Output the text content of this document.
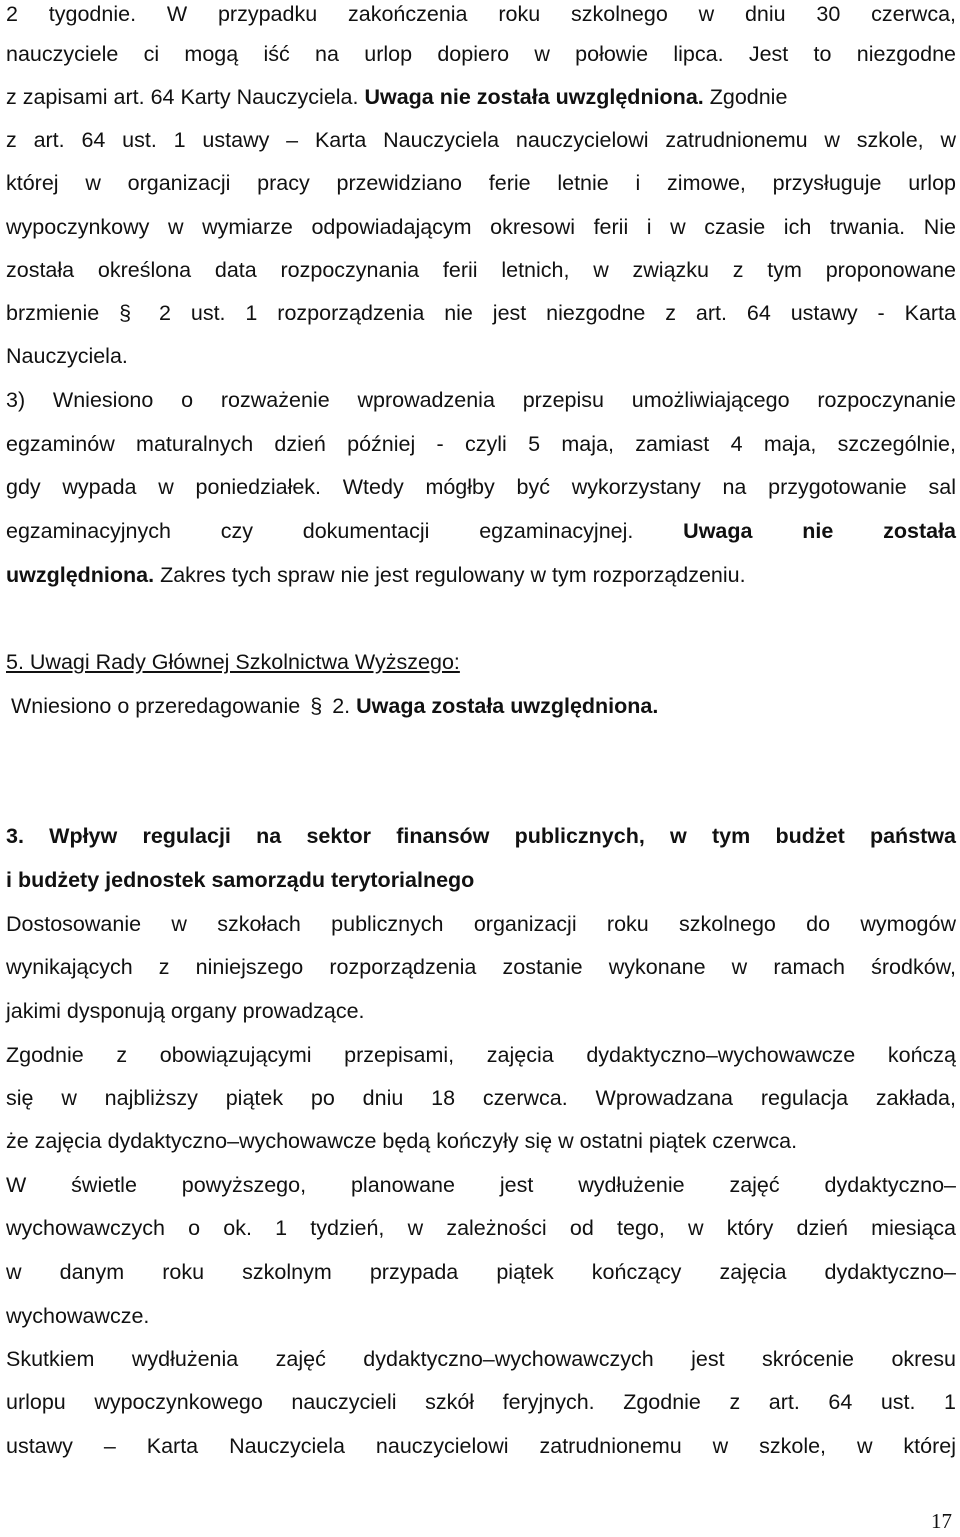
2 tygodnie. W przypadku zakończenia roku szkolnego w dniu 30 czerwca,
nauczyciele ci mogą iść na urlop dopiero w połowie lipca. Jest to niezgodne
z zapisami art. 64 Karty Nauczyciela. Uwaga nie została uwzględniona. Zgodnie
z art. 64 ust. 1 ustawy – Karta Nauczyciela nauczycielowi zatrudnionemu w szkole, w
której w organizacji pracy przewidziano ferie letnie i zimowe, przysługuje urlop
wypoczynkowy w wymiarze odpowiadającym okresowi ferii i w czasie ich trwania. Nie
została określona data rozpoczynania ferii letnich, w związku z tym proponowane
brzmienie § 2 ust. 1 rozporządzenia nie jest niezgodne z art. 64 ustawy - Karta
Nauczyciela.
3) Wniesiono o rozważenie wprowadzenia przepisu umożliwiającego rozpoczynanie
egzaminów maturalnych dzień później - czyli 5 maja, zamiast 4 maja, szczególnie,
gdy wypada w poniedziałek. Wtedy mógłby być wykorzystany na przygotowanie sal
egzaminacyjnych czy dokumentacji egzaminacyjnej. Uwaga nie została
uwzględniona. Zakres tych spraw nie jest regulowany w tym rozporządzeniu.
5. Uwagi Rady Głównej Szkolnictwa Wyższego:
Wniesiono o przeredagowanie § 2. Uwaga została uwzględniona.
3. Wpływ regulacji na sektor finansów publicznych, w tym budżet państwa
i budżety jednostek samorządu terytorialnego
Dostosowanie w szkołach publicznych organizacji roku szkolnego do wymogów
wynikających z niniejszego rozporządzenia zostanie wykonane w ramach środków,
jakimi dysponują organy prowadzące.
Zgodnie z obowiązującymi przepisami, zajęcia dydaktyczno–wychowawcze kończą
się w najbliższy piątek po dniu 18 czerwca. Wprowadzana regulacja zakłada,
że zajęcia dydaktyczno–wychowawcze będą kończyły się w ostatni piątek czerwca.
W świetle powyższego, planowane jest wydłużenie zajęć dydaktyczno–
wychowawczych o ok. 1 tydzień, w zależności od tego, w który dzień miesiąca
w danym roku szkolnym przypada piątek kończący zajęcia dydaktyczno–
wychowawcze.
Skutkiem wydłużenia zajęć dydaktyczno–wychowawczych jest skrócenie okresu
urlopu wypoczynkowego nauczycieli szkół feryjnych. Zgodnie z art. 64 ust. 1
ustawy – Karta Nauczyciela nauczycielowi zatrudnionemu w szkole, w której
17
